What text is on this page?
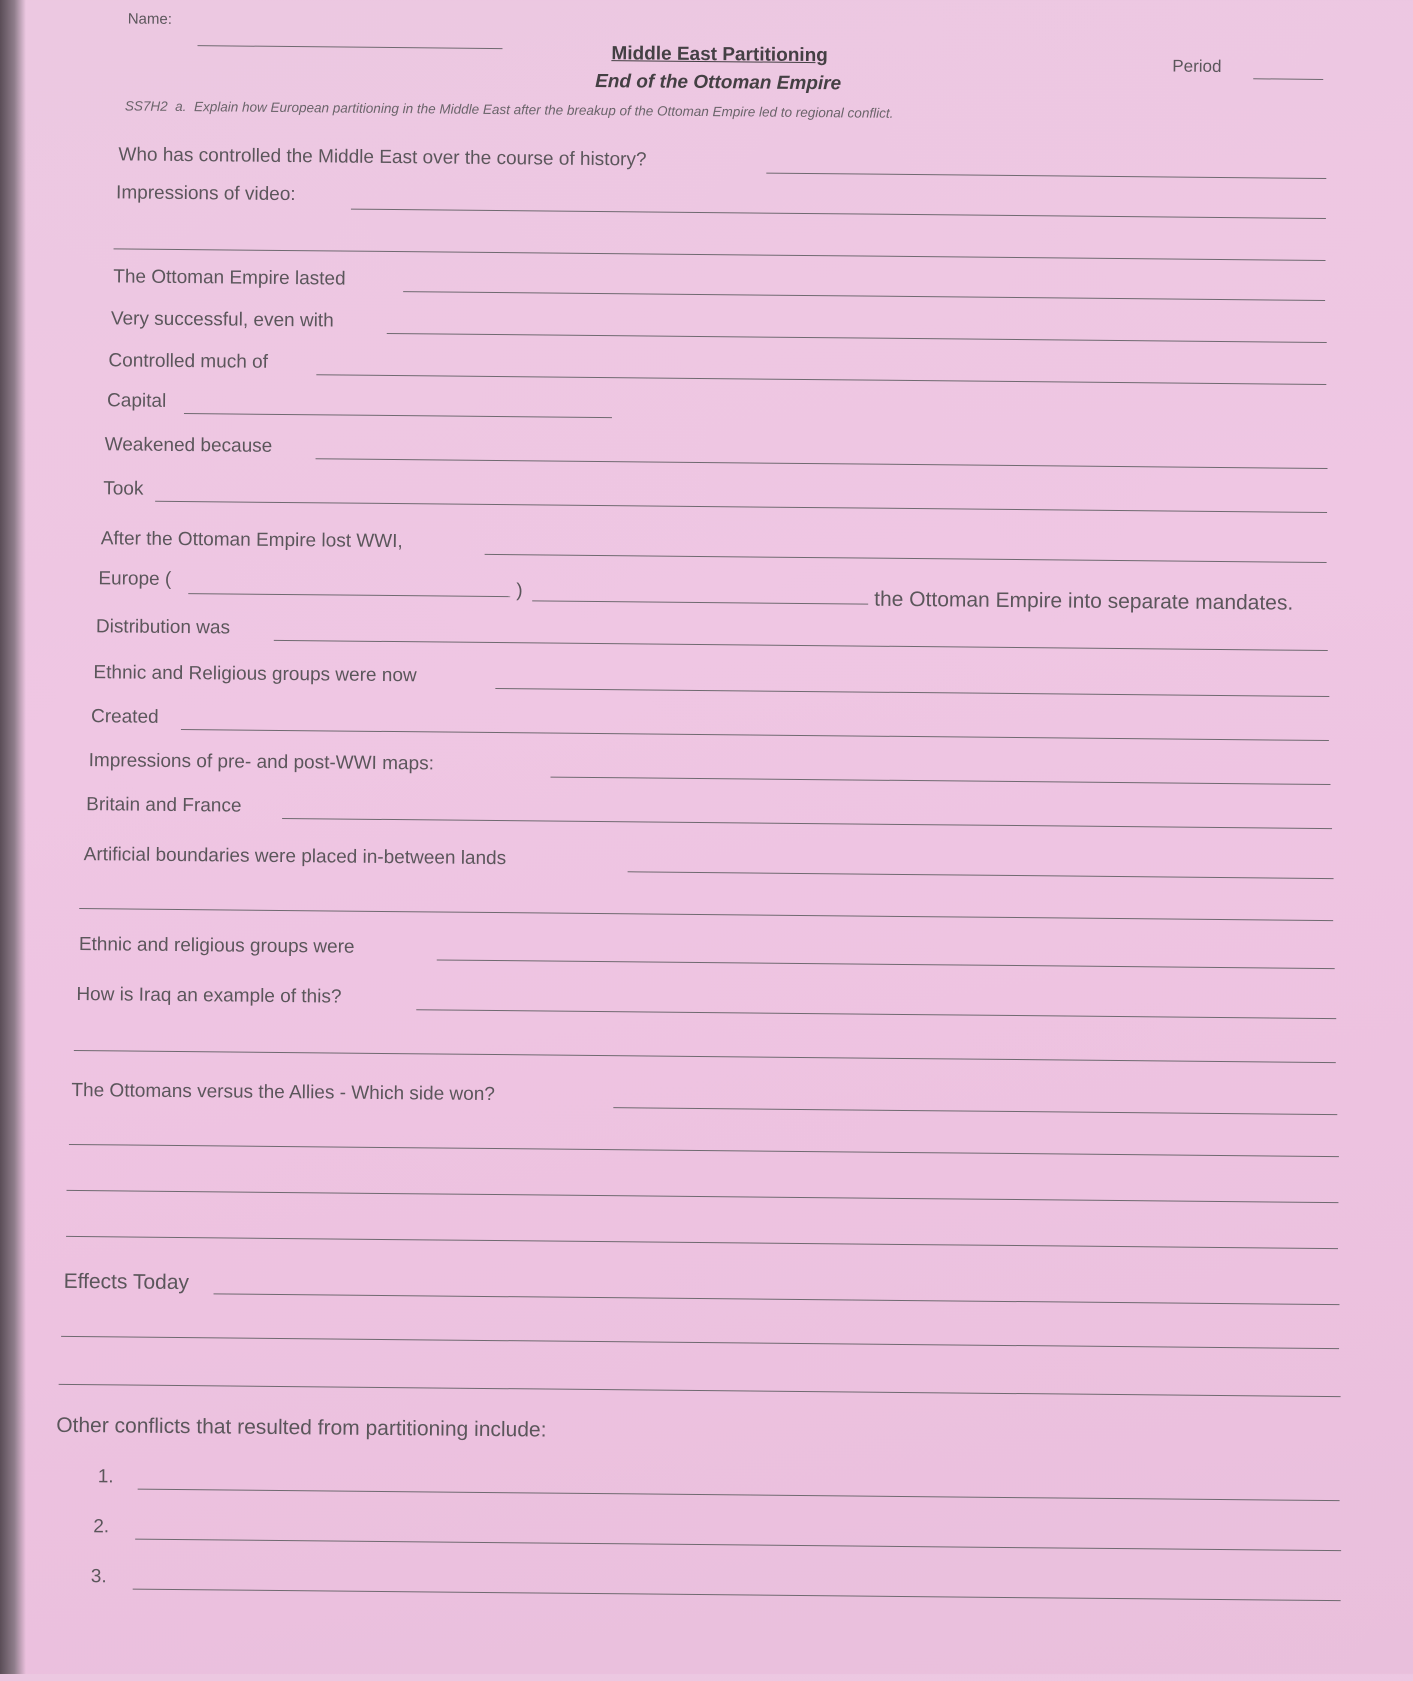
Name:
Middle East Partitioning
End of the Ottoman Empire
Period
SS7H2 a. Explain how European partitioning in the Middle East after the breakup of the Ottoman Empire led to regional conflict.
Who has controlled the Middle East over the course of history?
Impressions of video:
The Ottoman Empire lasted
Very successful, even with
Controlled much of
Capital
Weakened because
Took
After the Ottoman Empire lost WWI,
Europe (
)	the Ottoman Empire into separate mandates.
Distribution was
Ethnic and Religious groups were now
Created
Impressions of pre- and post-WWI maps:
Britain and France
Artificial boundaries were placed in-between lands
Ethnic and religious groups were
How is Iraq an example of this?
The Ottomans versus the Allies - Which side won?
Effects Today
Other conflicts that resulted from partitioning include:
1.
2.
3.
